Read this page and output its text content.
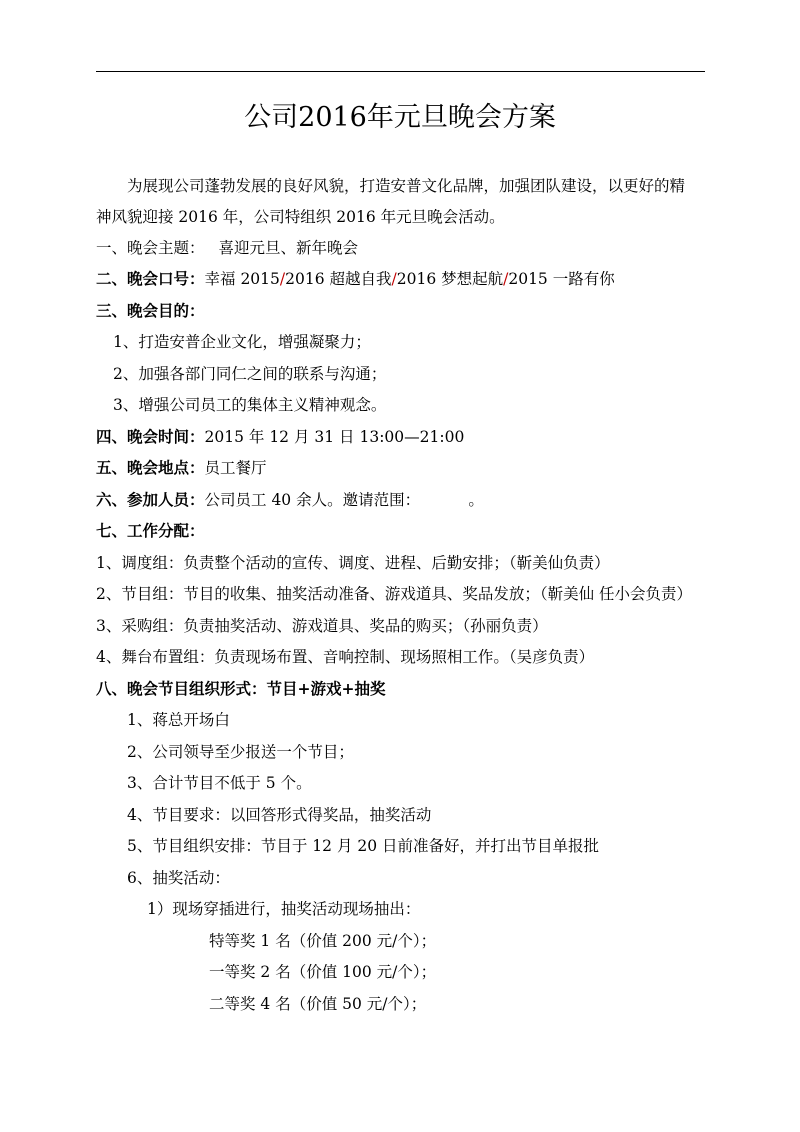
公司2016年元旦晚会方案
为展现公司蓬勃发展的良好风貌，打造安普文化品牌，加强团队建设，以更好的精
神风貌迎接 2016 年，公司特组织 2016 年元旦晚会活动。
一、晚会主题： 喜迎元旦、新年晚会
二、晚会口号：幸福 2015/2016 超越自我/2016 梦想起航/2015 一路有你
三、晚会目的：
1、打造安普企业文化，增强凝聚力；
2、加强各部门同仁之间的联系与沟通；
3、增强公司员工的集体主义精神观念。
四、晚会时间：2015 年 12 月 31 日 13:00—21:00
五、晚会地点：员工餐厅
六、参加人员：公司员工 40 余人。邀请范围：	。
七、工作分配：
1、调度组：负责整个活动的宣传、调度、进程、后勤安排；（靳美仙负责）
2、节目组：节目的收集、抽奖活动准备、游戏道具、奖品发放；（靳美仙 任小会负责）
3、采购组：负责抽奖活动、游戏道具、奖品的购买；（孙丽负责）
4、舞台布置组：负责现场布置、音响控制、现场照相工作。（吴彦负责）
八、晚会节目组织形式：节目+游戏+抽奖
1、蒋总开场白
2、公司领导至少报送一个节目；
3、合计节目不低于 5 个。
4、节目要求：以回答形式得奖品，抽奖活动
5、节目组织安排：节目于 12 月 20 日前准备好，并打出节目单报批
6、抽奖活动：
1）现场穿插进行，抽奖活动现场抽出：
特等奖 1 名（价值 200 元/个）；
一等奖 2 名（价值 100 元/个）；
二等奖 4 名（价值 50 元/个）；
